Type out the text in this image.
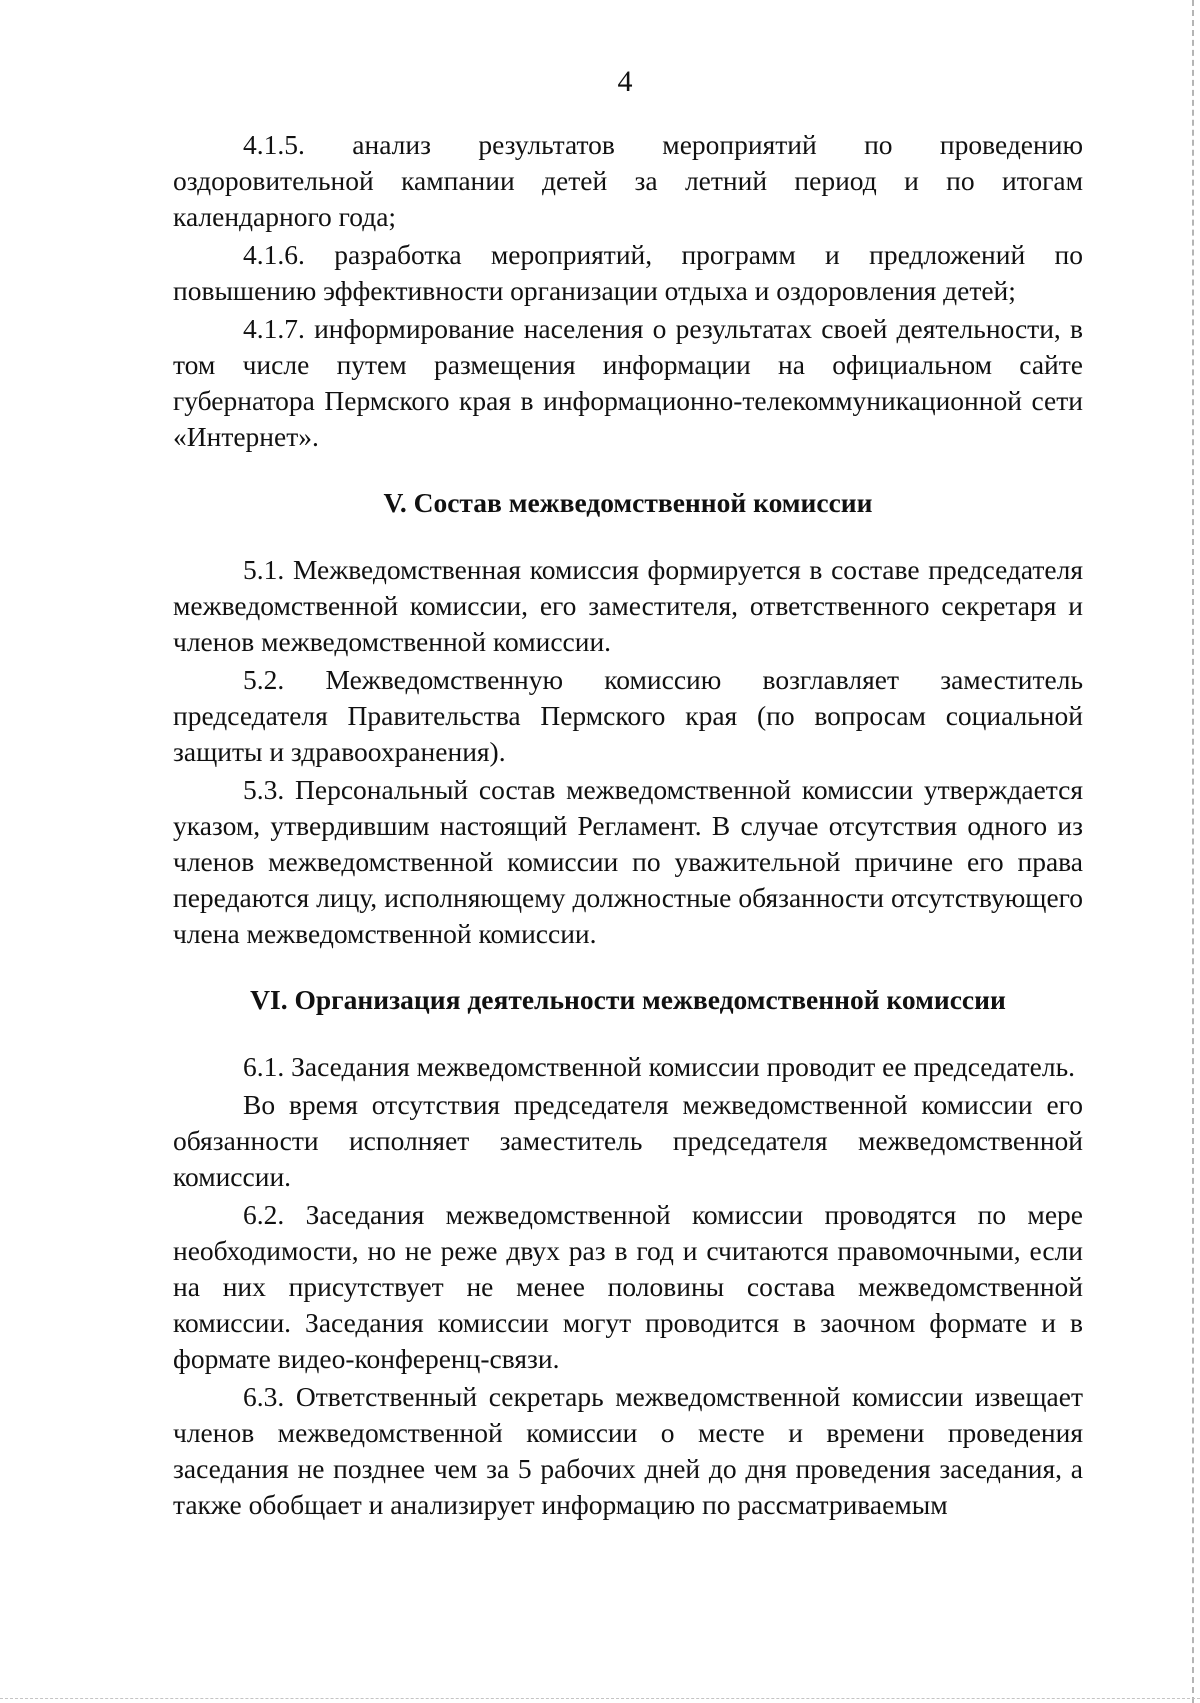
4

4.1.5. анализ результатов мероприятий по проведению оздоровительной кампании детей за летний период и по итогам календарного года;

4.1.6. разработка мероприятий, программ и предложений по повышению эффективности организации отдыха и оздоровления детей;

4.1.7. информирование населения о результатах своей деятельности, в том числе путем размещения информации на официальном сайте губернатора Пермского края в информационно-телекоммуникационной сети «Интернет».

V. Состав межведомственной комиссии

5.1. Межведомственная комиссия формируется в составе председателя межведомственной комиссии, его заместителя, ответственного секретаря и членов межведомственной комиссии.

5.2. Межведомственную комиссию возглавляет заместитель председателя Правительства Пермского края (по вопросам социальной защиты и здравоохранения).

5.3. Персональный состав межведомственной комиссии утверждается указом, утвердившим настоящий Регламент. В случае отсутствия одного из членов межведомственной комиссии по уважительной причине его права передаются лицу, исполняющему должностные обязанности отсутствующего члена межведомственной комиссии.

VI. Организация деятельности межведомственной комиссии

6.1. Заседания межведомственной комиссии проводит ее председатель.

Во время отсутствия председателя межведомственной комиссии его обязанности исполняет заместитель председателя межведомственной комиссии.

6.2. Заседания межведомственной комиссии проводятся по мере необходимости, но не реже двух раз в год и считаются правомочными, если на них присутствует не менее половины состава межведомственной комиссии. Заседания комиссии могут проводится в заочном формате и в формате видео-конференц-связи.

6.3. Ответственный секретарь межведомственной комиссии извещает членов межведомственной комиссии о месте и времени проведения заседания не позднее чем за 5 рабочих дней до дня проведения заседания, а также обобщает и анализирует информацию по рассматриваемым
